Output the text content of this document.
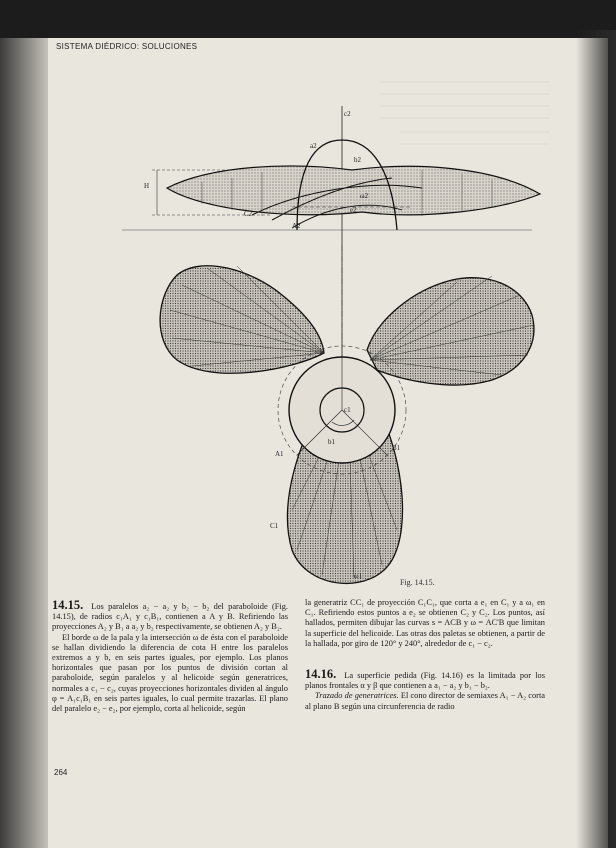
SISTEMA DIÉDRICO: SOLUCIONES
c2
a2
b2
H
ω2
C2
A2
e2
c1
b1
A1
B1
C1
ω1
Fig. 14.15.

14.15. Los paralelos a₂ − a₂ y b₂ − b₂ del paraboloide (Fig. 14.15), de radios c₁A₁ y c₁B₁, contienen a A y B. Refiriendo las proyecciones A₂ y B₁ a a₂ y b₂ respectivamente, se obtienen A₂ y B₂.

El borde ω de la pala y la intersección ω de ésta con el paraboloide se hallan dividiendo la diferencia de cota H entre los paralelos extremos a y b, en seis partes iguales, por ejemplo. Los planos horizontales que pasan por los puntos de división cortan al paraboloide, según paralelos y al helicoide según generatrices, normales a c₁ − c₂, cuyas proyecciones horizontales dividen al ángulo φ = A₁c₁B₁ en seis partes iguales, lo cual permite trazarlas. El plano del paralelo e₂ − e₂, por ejemplo, corta al helicoide, según

la generatriz CC₁ de proyección C₁C₁, que corta a e₁ en C₁ y a ω₁ en C₁. Refiriendo estos puntos a e₂ se obtienen C₂ y C₂. Los puntos, así hallados, permiten dibujar las curvas s = ACB y ω = AC'B que limitan la superficie del helicoide. Las otras dos paletas se obtienen, a partir de la hallada, por giro de 120° y 240°, alrededor de c₁ − c₂.

14.16. La superficie pedida (Fig. 14.16) es la limitada por los planos frontales α y β que contienen a a₁ − a₂ y b₁ − b₂.

Trazado de generatrices. El cono director de semiaxes A₁ − A₂ corta al plano B según una circunferencia de radio

264
